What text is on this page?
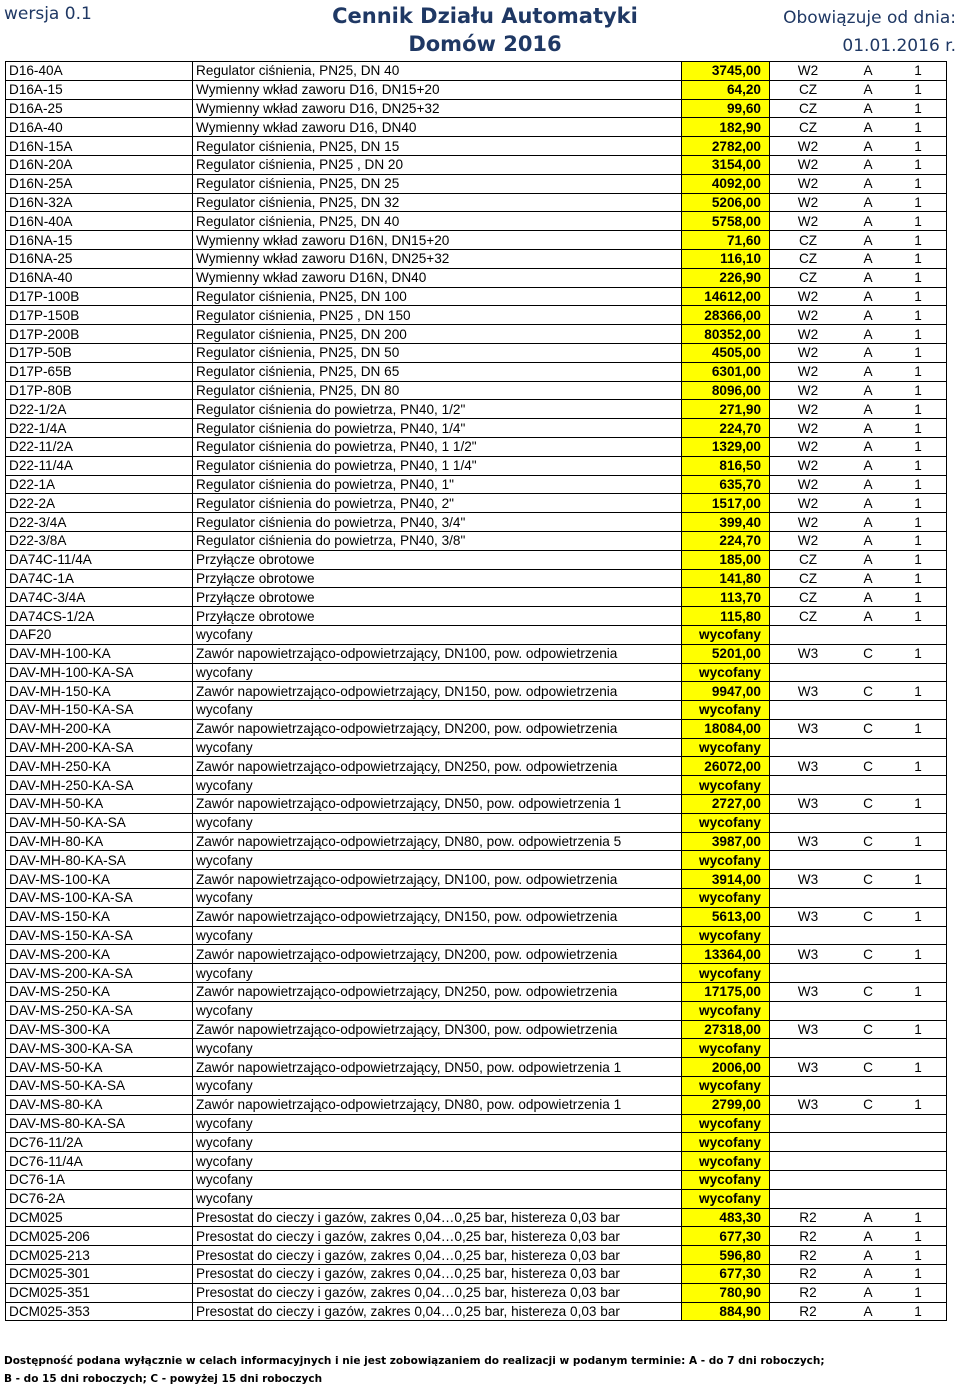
wersja 0.1	Cennik Działu Automatyki Domów 2016
Obowiązuje od dnia:
01.01.2016 r.
D16-40A	Regulator ciśnienia, PN25, DN 40	3745,00	W2	A	1
D16A-15	Wymienny wkład zaworu D16, DN15+20	64,20	CZ	A	1
D16A-25	Wymienny wkład zaworu D16, DN25+32	99,60	CZ	A	1
D16A-40	Wymienny wkład zaworu D16, DN40	182,90	CZ	A	1
D16N-15A	Regulator ciśnienia, PN25, DN 15	2782,00	W2	A	1
D16N-20A	Regulator ciśnienia, PN25 , DN 20	3154,00	W2	A	1
D16N-25A	Regulator ciśnienia, PN25, DN 25	4092,00	W2	A	1
D16N-32A	Regulator ciśnienia, PN25, DN 32	5206,00	W2	A	1
D16N-40A	Regulator ciśnienia, PN25, DN 40	5758,00	W2	A	1
D16NA-15	Wymienny wkład zaworu D16N, DN15+20	71,60	CZ	A	1
D16NA-25	Wymienny wkład zaworu D16N, DN25+32	116,10	CZ	A	1
D16NA-40	Wymienny wkład zaworu D16N, DN40	226,90	CZ	A	1
D17P-100B	Regulator ciśnienia, PN25, DN 100	14612,00	W2	A	1
D17P-150B	Regulator ciśnienia, PN25 , DN 150	28366,00	W2	A	1
D17P-200B	Regulator ciśnienia, PN25, DN 200	80352,00	W2	A	1
D17P-50B	Regulator ciśnienia, PN25, DN 50	4505,00	W2	A	1
D17P-65B	Regulator ciśnienia, PN25, DN 65	6301,00	W2	A	1
D17P-80B	Regulator ciśnienia, PN25, DN 80	8096,00	W2	A	1
D22-1/2A	Regulator ciśnienia do powietrza, PN40, 1/2"	271,90	W2	A	1
D22-1/4A	Regulator ciśnienia do powietrza, PN40, 1/4"	224,70	W2	A	1
D22-11/2A	Regulator ciśnienia do powietrza, PN40, 1 1/2"	1329,00	W2	A	1
D22-11/4A	Regulator ciśnienia do powietrza, PN40, 1 1/4"	816,50	W2	A	1
D22-1A	Regulator ciśnienia do powietrza, PN40, 1"	635,70	W2	A	1
D22-2A	Regulator ciśnienia do powietrza, PN40, 2"	1517,00	W2	A	1
D22-3/4A	Regulator ciśnienia do powietrza, PN40, 3/4"	399,40	W2	A	1
D22-3/8A	Regulator ciśnienia do powietrza, PN40, 3/8"	224,70	W2	A	1
DA74C-11/4A	Przyłącze obrotowe	185,00	CZ	A	1
DA74C-1A	Przyłącze obrotowe	141,80	CZ	A	1
DA74C-3/4A	Przyłącze obrotowe	113,70	CZ	A	1
DA74CS-1/2A	Przyłącze obrotowe	115,80	CZ	A	1
DAF20	wycofany	wycofany			
DAV-MH-100-KA	Zawór napowietrzająco-odpowietrzający, DN100, pow. odpowietrzenia	5201,00	W3	C	1
DAV-MH-100-KA-SA	wycofany	wycofany			
DAV-MH-150-KA	Zawór napowietrzająco-odpowietrzający, DN150, pow. odpowietrzenia	9947,00	W3	C	1
DAV-MH-150-KA-SA	wycofany	wycofany			
DAV-MH-200-KA	Zawór napowietrzająco-odpowietrzający, DN200, pow. odpowietrzenia	18084,00	W3	C	1
DAV-MH-200-KA-SA	wycofany	wycofany			
DAV-MH-250-KA	Zawór napowietrzająco-odpowietrzający, DN250, pow. odpowietrzenia	26072,00	W3	C	1
DAV-MH-250-KA-SA	wycofany	wycofany			
DAV-MH-50-KA	Zawór napowietrzająco-odpowietrzający, DN50, pow. odpowietrzenia 1	2727,00	W3	C	1
DAV-MH-50-KA-SA	wycofany	wycofany			
DAV-MH-80-KA	Zawór napowietrzająco-odpowietrzający, DN80, pow. odpowietrzenia 5	3987,00	W3	C	1
DAV-MH-80-KA-SA	wycofany	wycofany			
DAV-MS-100-KA	Zawór napowietrzająco-odpowietrzający, DN100, pow. odpowietrzenia	3914,00	W3	C	1
DAV-MS-100-KA-SA	wycofany	wycofany			
DAV-MS-150-KA	Zawór napowietrzająco-odpowietrzający, DN150, pow. odpowietrzenia	5613,00	W3	C	1
DAV-MS-150-KA-SA	wycofany	wycofany			
DAV-MS-200-KA	Zawór napowietrzająco-odpowietrzający, DN200, pow. odpowietrzenia	13364,00	W3	C	1
DAV-MS-200-KA-SA	wycofany	wycofany			
DAV-MS-250-KA	Zawór napowietrzająco-odpowietrzający, DN250, pow. odpowietrzenia	17175,00	W3	C	1
DAV-MS-250-KA-SA	wycofany	wycofany			
DAV-MS-300-KA	Zawór napowietrzająco-odpowietrzający, DN300, pow. odpowietrzenia	27318,00	W3	C	1
DAV-MS-300-KA-SA	wycofany	wycofany			
DAV-MS-50-KA	Zawór napowietrzająco-odpowietrzający, DN50, pow. odpowietrzenia 1	2006,00	W3	C	1
DAV-MS-50-KA-SA	wycofany	wycofany			
DAV-MS-80-KA	Zawór napowietrzająco-odpowietrzający, DN80, pow. odpowietrzenia 1	2799,00	W3	C	1
DAV-MS-80-KA-SA	wycofany	wycofany			
DC76-11/2A	wycofany	wycofany			
DC76-11/4A	wycofany	wycofany			
DC76-1A	wycofany	wycofany			
DC76-2A	wycofany	wycofany			
DCM025	Presostat do cieczy i gazów, zakres 0,04…0,25 bar, histereza 0,03 bar	483,30	R2	A	1
DCM025-206	Presostat do cieczy i gazów, zakres 0,04…0,25 bar, histereza 0,03 bar	677,30	R2	A	1
DCM025-213	Presostat do cieczy i gazów, zakres 0,04…0,25 bar, histereza 0,03 bar	596,80	R2	A	1
DCM025-301	Presostat do cieczy i gazów, zakres 0,04…0,25 bar, histereza 0,03 bar	677,30	R2	A	1
DCM025-351	Presostat do cieczy i gazów, zakres 0,04…0,25 bar, histereza 0,03 bar	780,90	R2	A	1
DCM025-353	Presostat do cieczy i gazów, zakres 0,04…0,25 bar, histereza 0,03 bar	884,90	R2	A	1
Dostępność podana wyłącznie w celach informacyjnych i nie jest zobowiązaniem do realizacji w podanym terminie: A - do 7 dni roboczych;
B - do 15 dni roboczych; C - powyżej 15 dni roboczych
